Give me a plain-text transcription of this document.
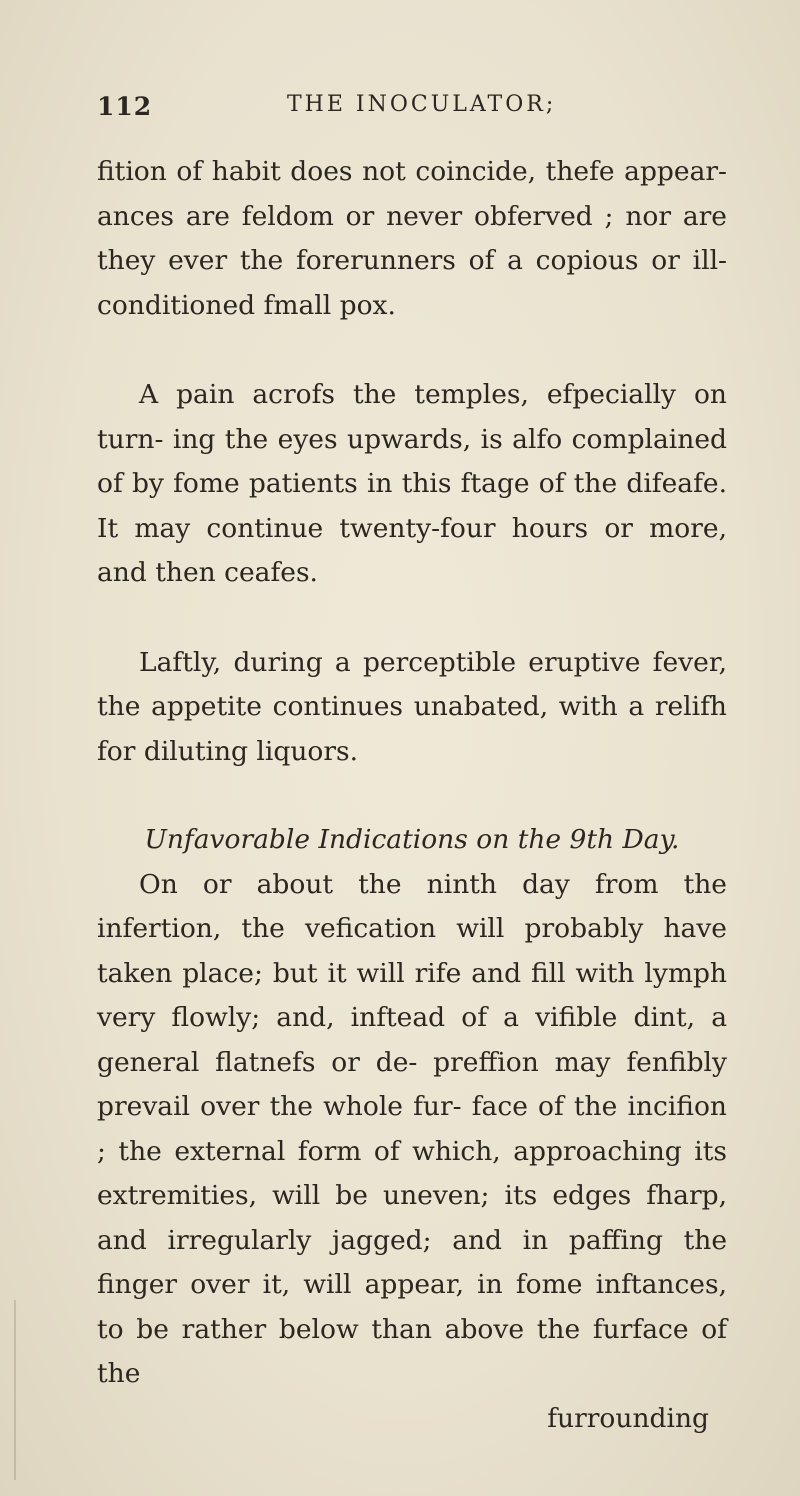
112	THE INOCULATOR;

fition of habit does not coincide, thefe appear- ances are feldom or never obferved ; nor are they ever the forerunners of a copious or ill- conditioned fmall pox.

A pain acrofs the temples, efpecially on turn- ing the eyes upwards, is alfo complained of by fome patients in this ftage of the difeafe. It may continue twenty-four hours or more, and then ceafes.

Laftly, during a perceptible eruptive fever, the appetite continues unabated, with a relifh for diluting liquors.

Unfavorable Indications on the 9th Day.

On or about the ninth day from the infertion, the vefication will probably have taken place; but it will rife and fill with lymph very flowly; and, inftead of a vifible dint, a general flatnefs or de- preffion may fenfibly prevail over the whole fur- face of the incifion ; the external form of which, approaching its extremities, will be uneven; its edges fharp, and irregularly jagged; and in paffing the finger over it, will appear, in fome inftances, to be rather below than above the furface of the

furrounding
